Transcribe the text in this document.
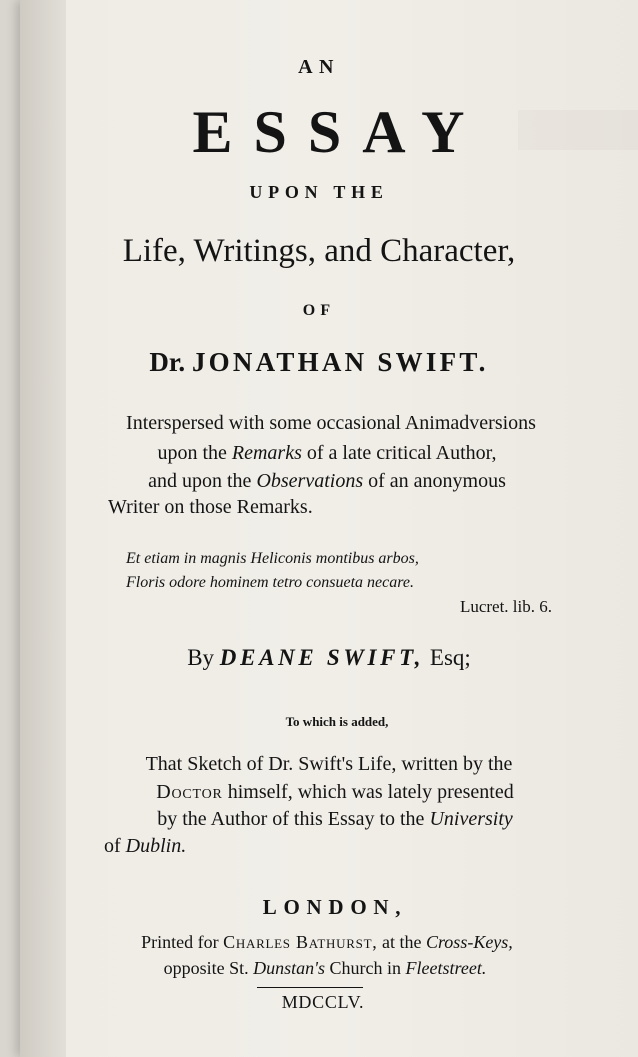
AN
ESSAY
UPON THE
Life, Writings, and Character,
OF
Dr. JONATHAN SWIFT.
Interspersed with some occasional Animadversions
upon the Remarks of a late critical Author,
and upon the Observations of an anonymous
Writer on those Remarks.
Et etiam in magnis Heliconis montibus arbos,
Floris odore hominem tetro consueta necare.
Lucret. lib. 6.
By DEANE SWIFT, Esq;
To which is added,
That Sketch of Dr. Swift's Life, written by the
Doctor himself, which was lately presented
by the Author of this Essay to the University
of Dublin.
LONDON,
Printed for Charles Bathurst, at the Cross-Keys,
opposite St. Dunstan's Church in Fleetstreet.
MDCCLV.
